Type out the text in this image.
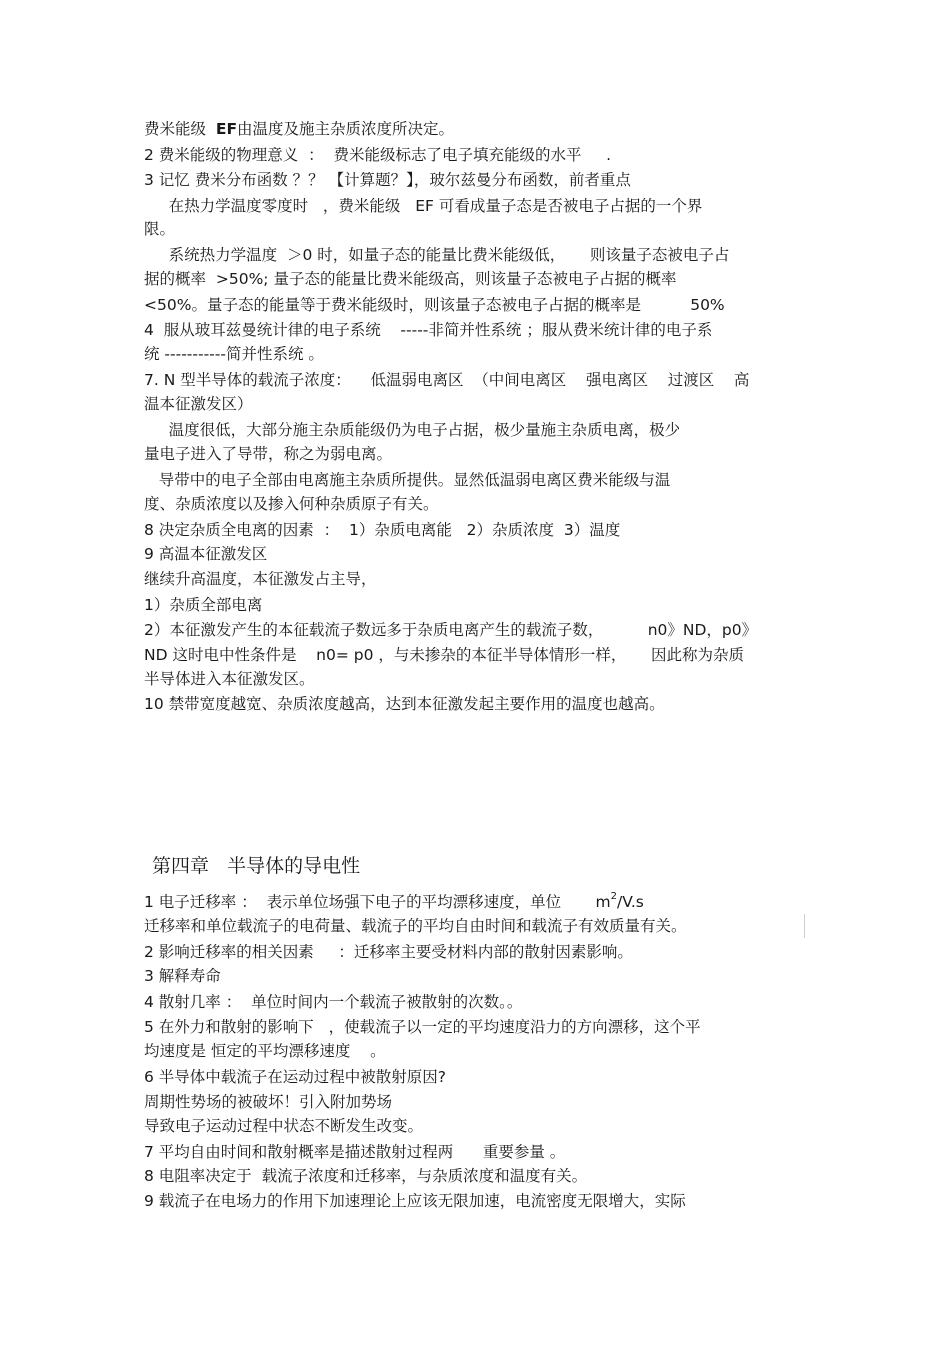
费米能级  EF由温度及施主杂质浓度所决定。
2 费米能级的物理意义  ：  费米能级标志了电子填充能级的水平     .
3 记忆 费米分布函数 ？？ 【计算题？】，玻尔兹曼分布函数，前者重点
在热力学温度零度时   ，费米能级   EF 可看成量子态是否被电子占据的一个界
限。
系统热力学温度  ＞0 时，如量子态的能量比费米能级低，     则该量子态被电子占
据的概率  >50%; 量子态的能量比费米能级高，则该量子态被电子占据的概率
<50%。量子态的能量等于费米能级时，则该量子态被电子占据的概率是          50%
4  服从玻耳兹曼统计律的电子系统    -----非简并性系统 ；服从费米统计律的电子系
统 -----------简并性系统 。
7. N 型半导体的载流子浓度：    低温弱电离区  （中间电离区    强电离区    过渡区    高
温本征激发区）
温度很低，大部分施主杂质能级仍为电子占据，极少量施主杂质电离，极少
量电子进入了导带，称之为弱电离。
导带中的电子全部由电离施主杂质所提供。显然低温弱电离区费米能级与温
度、杂质浓度以及掺入何种杂质原子有关。
8 决定杂质全电离的因素  ：  1）杂质电离能   2）杂质浓度  3）温度
9 高温本征激发区
继续升高温度，本征激发占主导，
1）杂质全部电离
2）本征激发产生的本征载流子数远多于杂质电离产生的载流子数，         n0》ND，p0》
ND 这时电中性条件是    n0= p0 ，与未掺杂的本征半导体情形一样，     因此称为杂质
半导体进入本征激发区。
10 禁带宽度越宽、杂质浓度越高，达到本征激发起主要作用的温度也越高。
第四章   半导体的导电性
1 电子迁移率 ：  表示单位场强下电子的平均漂移速度，单位       $m^2/V.s$
迁移率和单位载流子的电荷量、载流子的平均自由时间和载流子有效质量有关。
2 影响迁移率的相关因素     ：迁移率主要受材料内部的散射因素影响。
3 解释寿命
4 散射几率 ：  单位时间内一个载流子被散射的次数。。
5 在外力和散射的影响下   ，使载流子以一定的平均速度沿力的方向漂移，这个平
均速度是 恒定的平均漂移速度    。
6 半导体中载流子在运动过程中被散射原因?
周期性势场的被破坏！引入附加势场
导致电子运动过程中状态不断发生改变。
7 平均自由时间和散射概率是描述散射过程两      重要参量 。
8 电阻率决定于  载流子浓度和迁移率，与杂质浓度和温度有关。
9 载流子在电场力的作用下加速理论上应该无限加速，电流密度无限增大，实际
